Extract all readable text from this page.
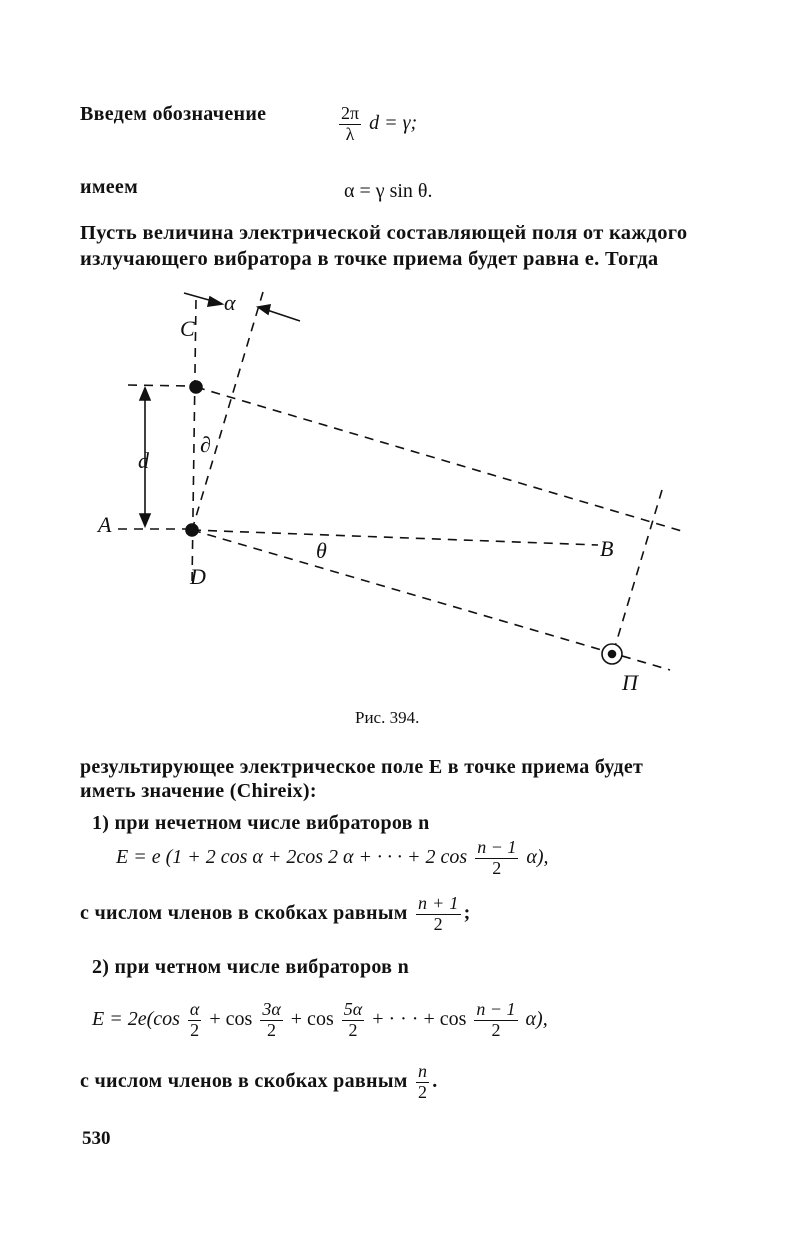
Введем обозначение	$\frac{2\pi}{\lambda}$ d = γ;
имеем	α = γ sin θ.
Пусть величина электрической составляющей поля от каждого
излучающего вибратора в точке приема будет равна e. Тогда
α
C
A
d
D
θ
∂
B
П
Рис. 394.
результирующее электрическое поле E в точке приема будет
иметь значение (Chireix):
1) при нечетном числе вибраторов n
E = e (1 + 2 cos α + 2cos 2 α + · · · + 2 $\cos \frac{n - 1}{2} \alpha$),
с числом членов в скобках равным $\frac{n + 1}{2}$ ;
2) при четном числе вибраторов n
$E = 2e(\cos \frac{\alpha}{2} + \cos \frac{3\alpha}{2} + \cos \frac{5\alpha}{2}$ + · · · + $\cos \frac{n - 1}{2} \alpha$),
с числом членов в скобках равным $\frac{n}{2}$ .
530
